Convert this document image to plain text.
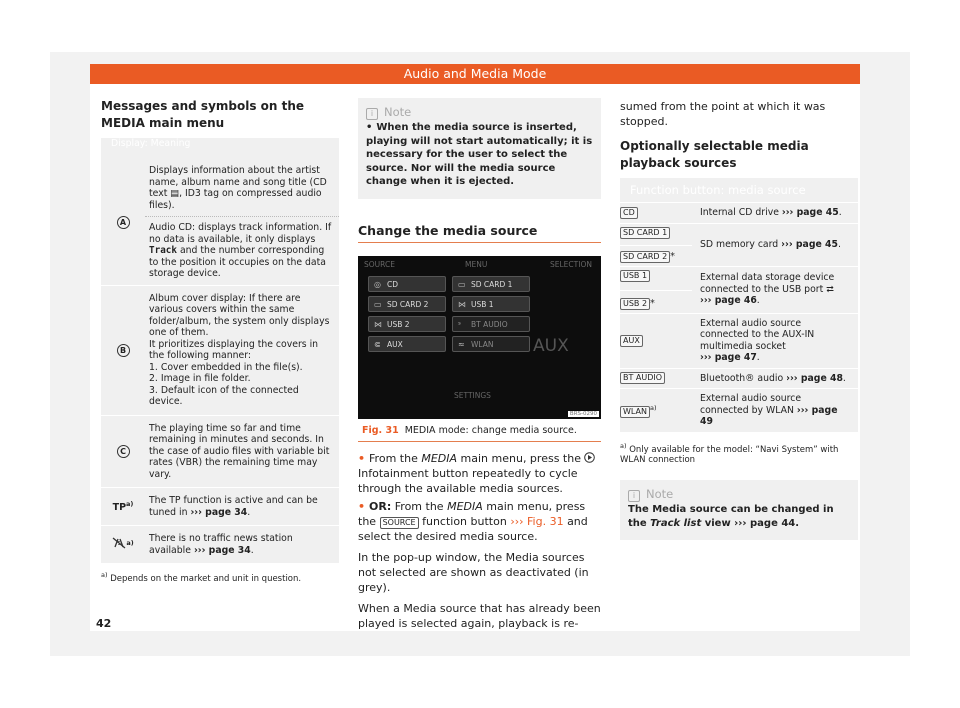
Audio and Media Mode
Messages and symbols on the MEDIA main menu
Display: Meaning	
A	Displays information about the artist name, album name and song title (CD text ▤, ID3 tag on compressed audio files).
	Audio CD: displays track information. If no data is available, it only displays Track and the number corresponding to the position it occupies on the data storage device.
B	Album cover display: If there are various covers within the same folder/album, the system only displays one of them.
It prioritizes displaying the covers in the following manner:
1. Cover embedded in the file(s).
2. Image in file folder.
3. Default icon of the connected device.
C	The playing time so far and time remaining in minutes and seconds. In the case of audio files with variable bit rates (VBR) the remaining time may vary.
TP$^{a)}$	The TP function is active and can be tuned in ››› page 34.
$^{a)}$	There is no traffic news station available ››› page 34.
$^{a)}$ Depends on the market and unit in question.
i Note
• When the media source is inserted, playing will not start automatically; it is necessary for the user to select the source. Nor will the media source change when it is ejected.
Change the media source
SOURCE	MENU	SELECTION
◎ CD	▭ SD CARD 1
▭ SD CARD 2	⋈ USB 1
⋈ USB 2	ˢ BT AUDIO
⋐ AUX	≈ WLAN	AUX
SETTINGS
BRS-0290
Fig. 31 MEDIA mode: change media source.
• From the MEDIA main menu, press the  Infotainment button repeatedly to cycle through the available media sources.
• OR: From the MEDIA main menu, press the SOURCE function button ››› Fig. 31 and select the desired media source.
In the pop-up window, the Media sources not selected are shown as deactivated (in grey).
When a Media source that has already been played is selected again, playback is re-
sumed from the point at which it was stopped.
Optionally selectable media playback sources
Function button: media source	
CD	Internal CD drive ››› page 45.
SD CARD 1
SD CARD 2 *	SD memory card ››› page 45.
USB 1
USB 2 *	External data storage device connected to the USB port ⮂
››› page 46.
AUX	External audio source connected to the AUX-IN multimedia socket
››› page 47.
BT AUDIO	Bluetooth® audio ››› page 48.
WLAN $^{a)}$	External audio source connected by WLAN ››› page 49
$^{a)}$ Only available for the model: “Navi System” with WLAN connection
i Note
The Media source can be changed in the Track list view ››› page 44.
42
